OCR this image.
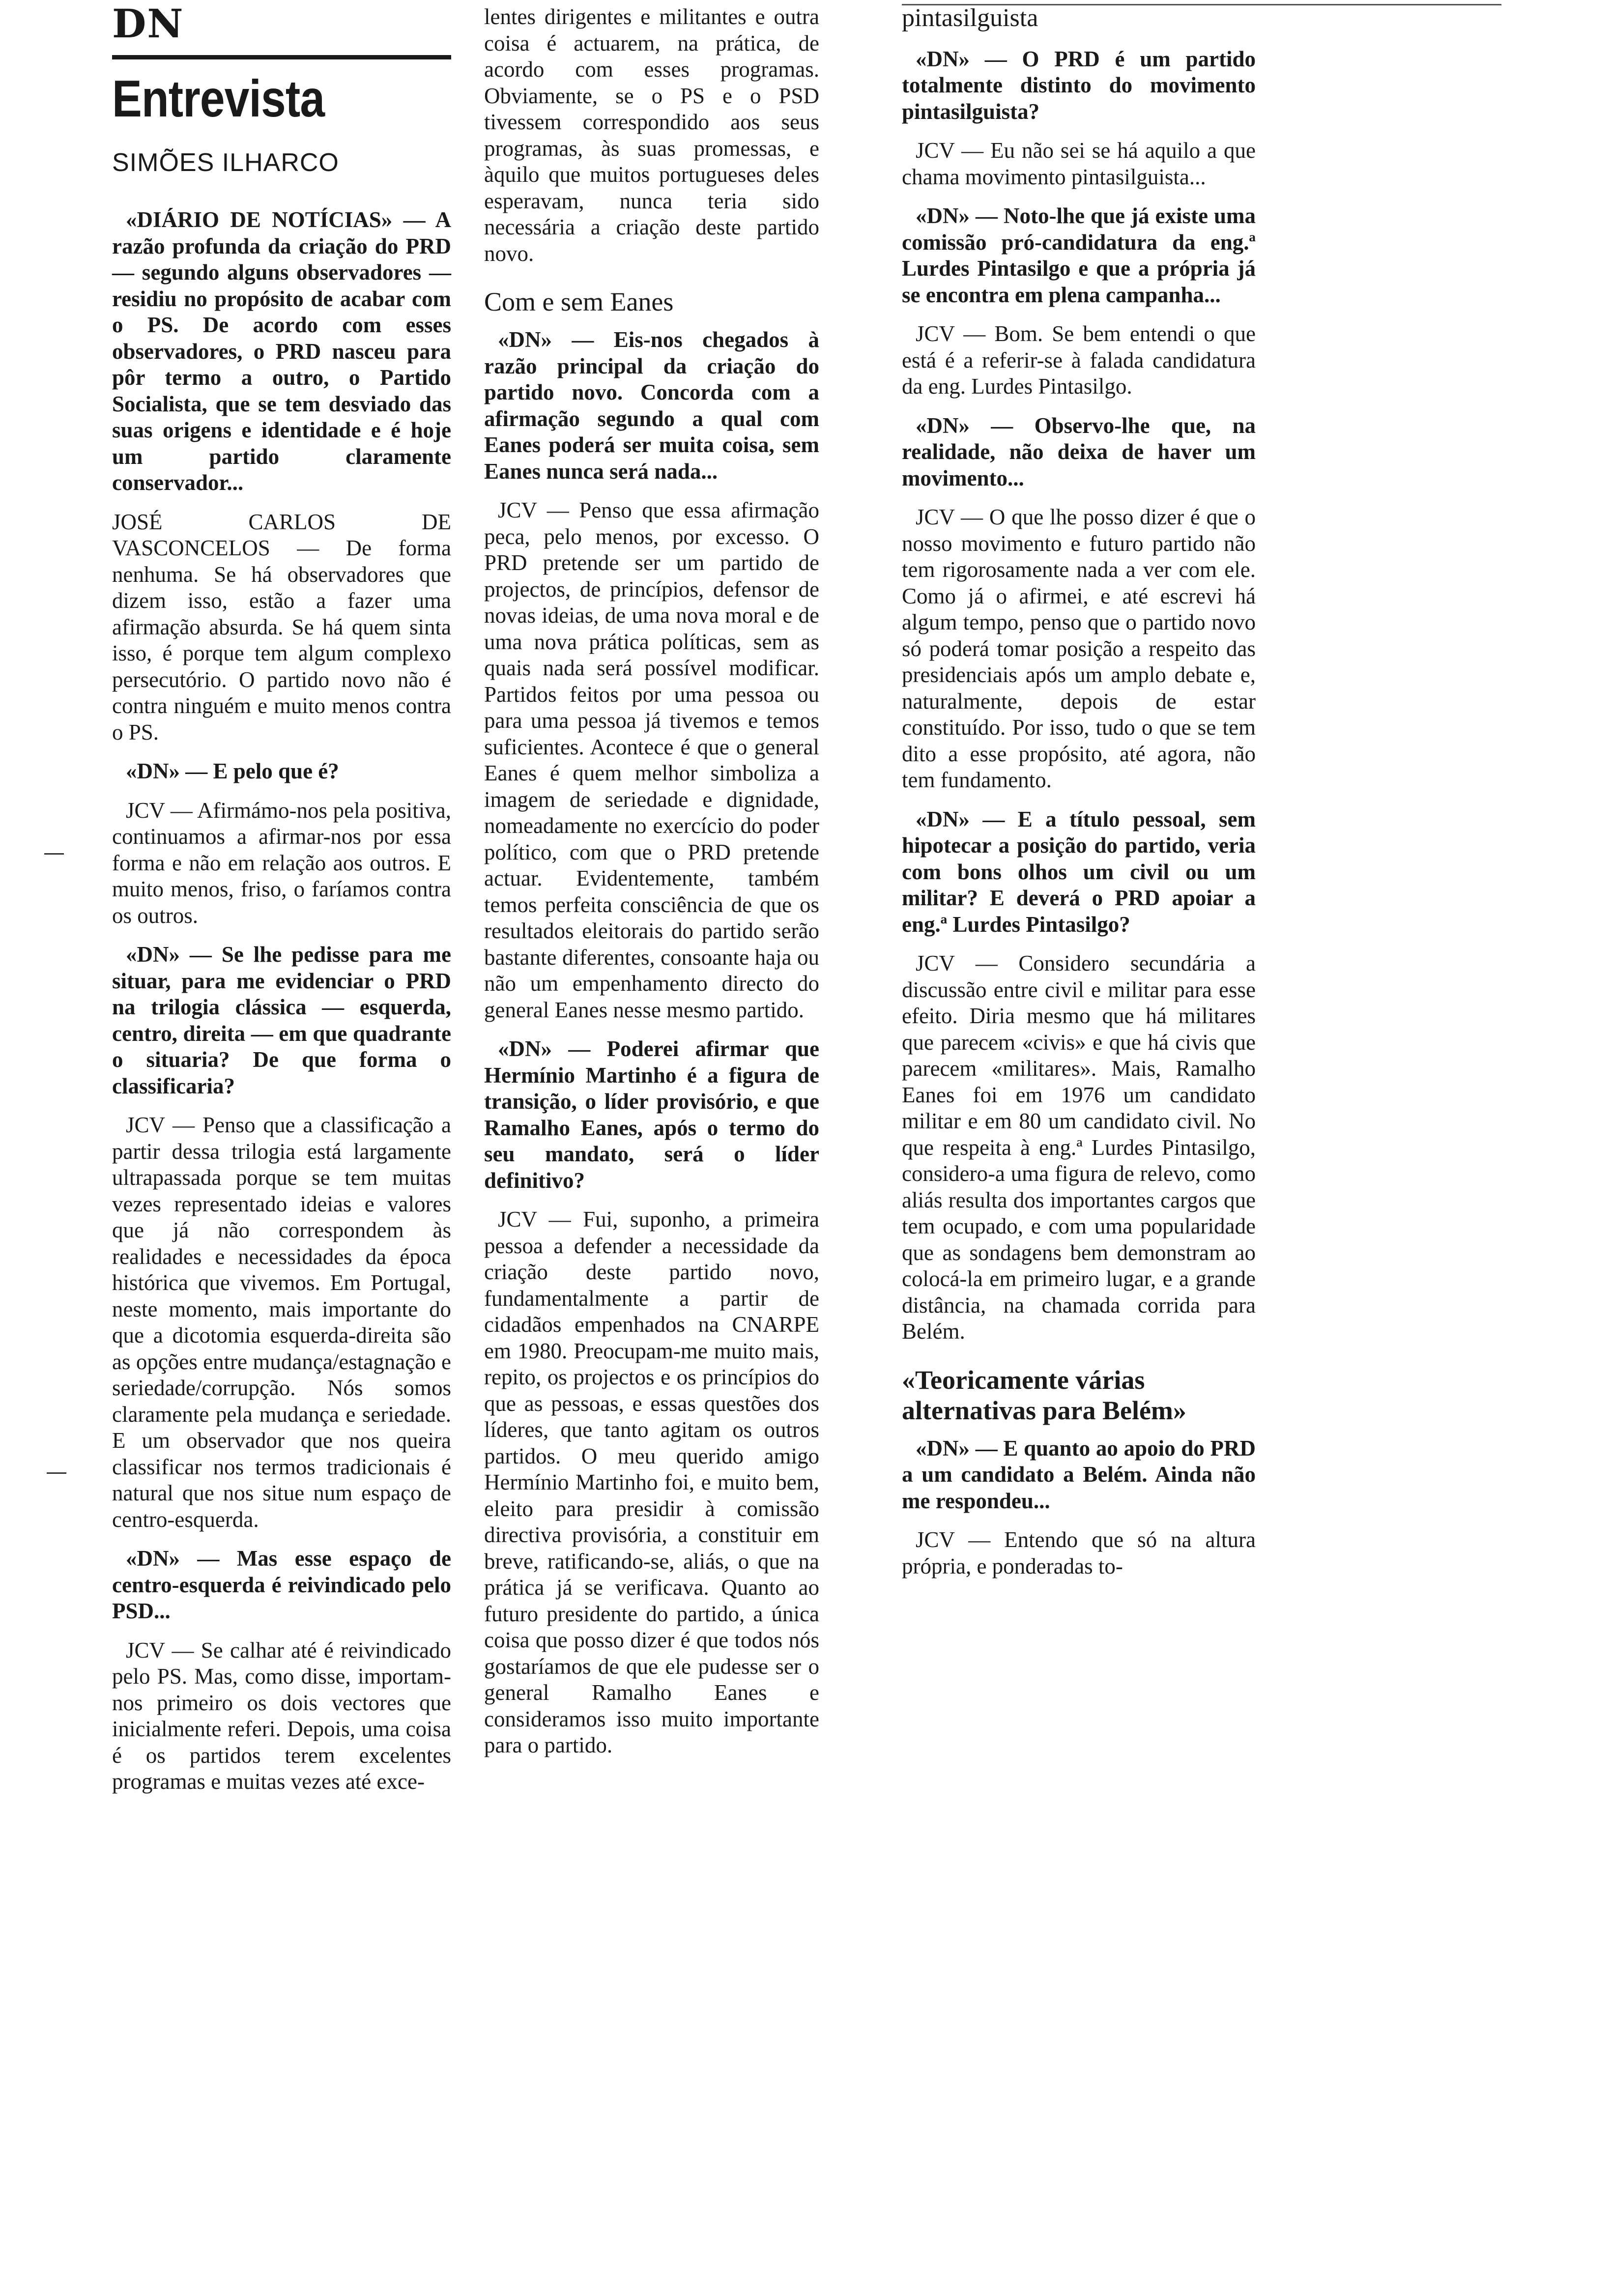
DN
Entrevista
SIMÕES ILHARCO
«DIÁRIO DE NOTÍCIAS» — A razão profunda da criação do PRD — segundo alguns observadores — residiu no propósito de acabar com o PS. De acordo com esses observadores, o PRD nasceu para pôr termo a outro, o Partido Socialista, que se tem desviado das suas origens e identidade e é hoje um partido claramente conservador...
JOSÉ CARLOS DE VASCONCELOS — De forma nenhuma. Se há observadores que dizem isso, estão a fazer uma afirmação absurda. Se há quem sinta isso, é porque tem algum complexo persecutório. O partido novo não é contra ninguém e muito menos contra o PS.
«DN» — E pelo que é?
JCV — Afirmámo-nos pela positiva, continuamos a afirmar-nos por essa forma e não em relação aos outros. E muito menos, friso, o faríamos contra os outros.
«DN» — Se lhe pedisse para me situar, para me evidenciar o PRD na trilogia clássica — esquerda, centro, direita — em que quadrante o situaria? De que forma o classificaria?
JCV — Penso que a classificação a partir dessa trilogia está largamente ultrapassada porque se tem muitas vezes representado ideias e valores que já não correspondem às realidades e necessidades da época histórica que vivemos. Em Portugal, neste momento, mais importante do que a dicotomia esquerda-direita são as opções entre mudança/estagnação e seriedade/corrupção. Nós somos claramente pela mudança e seriedade. E um observador que nos queira classificar nos termos tradicionais é natural que nos situe num espaço de centro-esquerda.
«DN» — Mas esse espaço de centro-esquerda é reivindicado pelo PSD...
JCV — Se calhar até é reivindicado pelo PS. Mas, como disse, importam-nos primeiro os dois vectores que inicialmente referi. Depois, uma coisa é os partidos terem excelentes programas e muitas vezes até exce-
lentes dirigentes e militantes e outra coisa é actuarem, na prática, de acordo com esses programas. Obviamente, se o PS e o PSD tivessem correspondido aos seus programas, às suas promessas, e àquilo que muitos portugueses deles esperavam, nunca teria sido necessária a criação deste partido novo.
Com e sem Eanes
«DN» — Eis-nos chegados à razão principal da criação do partido novo. Concorda com a afirmação segundo a qual com Eanes poderá ser muita coisa, sem Eanes nunca será nada...
JCV — Penso que essa afirmação peca, pelo menos, por excesso. O PRD pretende ser um partido de projectos, de princípios, defensor de novas ideias, de uma nova moral e de uma nova prática políticas, sem as quais nada será possível modificar. Partidos feitos por uma pessoa ou para uma pessoa já tivemos e temos suficientes. Acontece é que o general Eanes é quem melhor simboliza a imagem de seriedade e dignidade, nomeadamente no exercício do poder político, com que o PRD pretende actuar. Evidentemente, também temos perfeita consciência de que os resultados eleitorais do partido serão bastante diferentes, consoante haja ou não um empenhamento directo do general Eanes nesse mesmo partido.
«DN» — Poderei afirmar que Hermínio Martinho é a figura de transição, o líder provisório, e que Ramalho Eanes, após o termo do seu mandato, será o líder definitivo?
JCV — Fui, suponho, a primeira pessoa a defender a necessidade da criação deste partido novo, fundamentalmente a partir de cidadãos empenhados na CNARPE em 1980. Preocupam-me muito mais, repito, os projectos e os princípios do que as pessoas, e essas questões dos líderes, que tanto agitam os outros partidos. O meu querido amigo Hermínio Martinho foi, e muito bem, eleito para presidir à comissão directiva provisória, a constituir em breve, ratificando-se, aliás, o que na prática já se verificava. Quanto ao futuro presidente do partido, a única coisa que posso dizer é que todos nós gostaríamos de que ele pudesse ser o general Ramalho Eanes e consideramos isso muito importante para o partido.
pintasilguista
«DN» — O PRD é um partido totalmente distinto do movimento pintasilguista?
JCV — Eu não sei se há aquilo a que chama movimento pintasilguista...
«DN» — Noto-lhe que já existe uma comissão pró-candidatura da eng.ª Lurdes Pintasilgo e que a própria já se encontra em plena campanha...
JCV — Bom. Se bem entendi o que está é a referir-se à falada candidatura da eng. Lurdes Pintasilgo.
«DN» — Observo-lhe que, na realidade, não deixa de haver um movimento...
JCV — O que lhe posso dizer é que o nosso movimento e futuro partido não tem rigorosamente nada a ver com ele. Como já o afirmei, e até escrevi há algum tempo, penso que o partido novo só poderá tomar posição a respeito das presidenciais após um amplo debate e, naturalmente, depois de estar constituído. Por isso, tudo o que se tem dito a esse propósito, até agora, não tem fundamento.
«DN» — E a título pessoal, sem hipotecar a posição do partido, veria com bons olhos um civil ou um militar? E deverá o PRD apoiar a eng.ª Lurdes Pintasilgo?
JCV — Considero secundária a discussão entre civil e militar para esse efeito. Diria mesmo que há militares que parecem «civis» e que há civis que parecem «militares». Mais, Ramalho Eanes foi em 1976 um candidato militar e em 80 um candidato civil. No que respeita à eng.ª Lurdes Pintasilgo, considero-a uma figura de relevo, como aliás resulta dos importantes cargos que tem ocupado, e com uma popularidade que as sondagens bem demonstram ao colocá-la em primeiro lugar, e a grande distância, na chamada corrida para Belém.
«Teoricamente várias alternativas para Belém»
«DN» — E quanto ao apoio do PRD a um candidato a Belém. Ainda não me respondeu...
JCV — Entendo que só na altura própria, e ponderadas to-
